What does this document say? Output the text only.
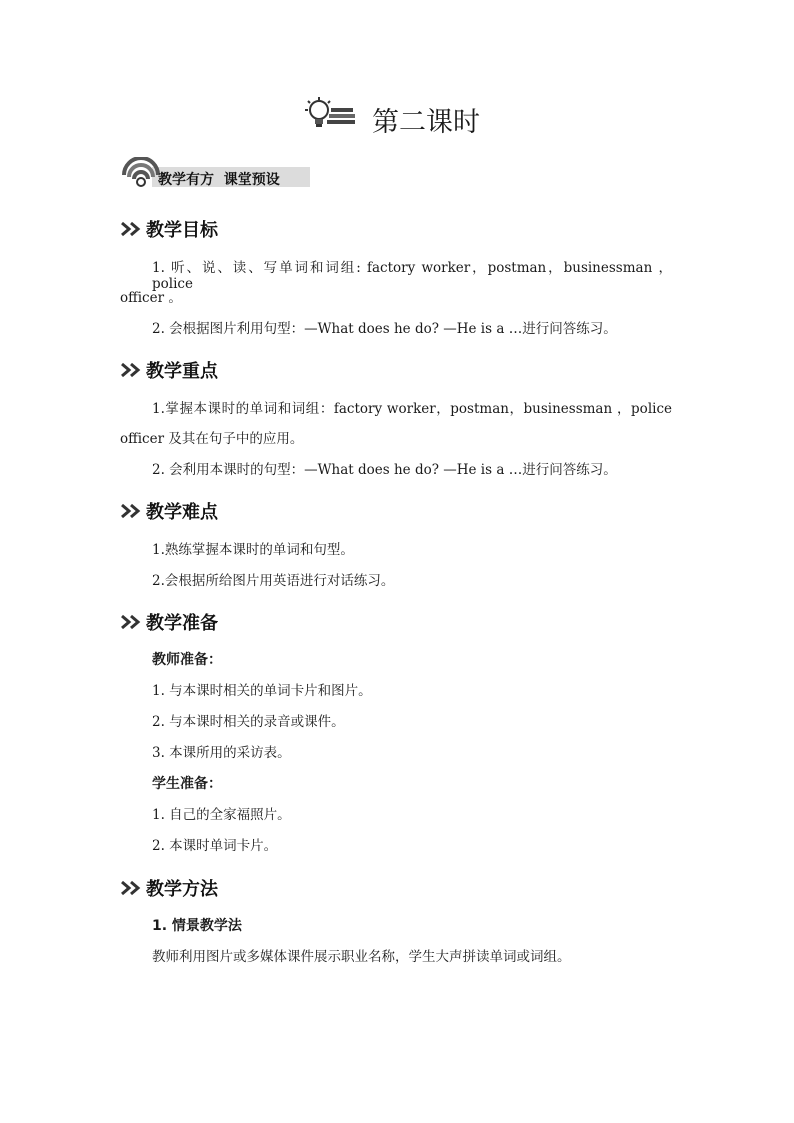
第二课时
教学有方  课堂预设
教学目标
1. 听、说、读、写单词和词组: factory worker，postman，businessman ，police
officer 。
2. 会根据图片利用句型：—What does he do? —He is a …进行问答练习。
教学重点
1.掌握本课时的单词和词组：factory worker，postman，businessman ，police
officer 及其在句子中的应用。
2. 会利用本课时的句型：—What does he do? —He is a …进行问答练习。
教学难点
1.熟练掌握本课时的单词和句型。
2.会根据所给图片用英语进行对话练习。
教学准备
教师准备：
1. 与本课时相关的单词卡片和图片。
2. 与本课时相关的录音或课件。
3. 本课所用的采访表。
学生准备：
1. 自己的全家福照片。
2. 本课时单词卡片。
教学方法
1. 情景教学法
教师利用图片或多媒体课件展示职业名称，学生大声拼读单词或词组。
